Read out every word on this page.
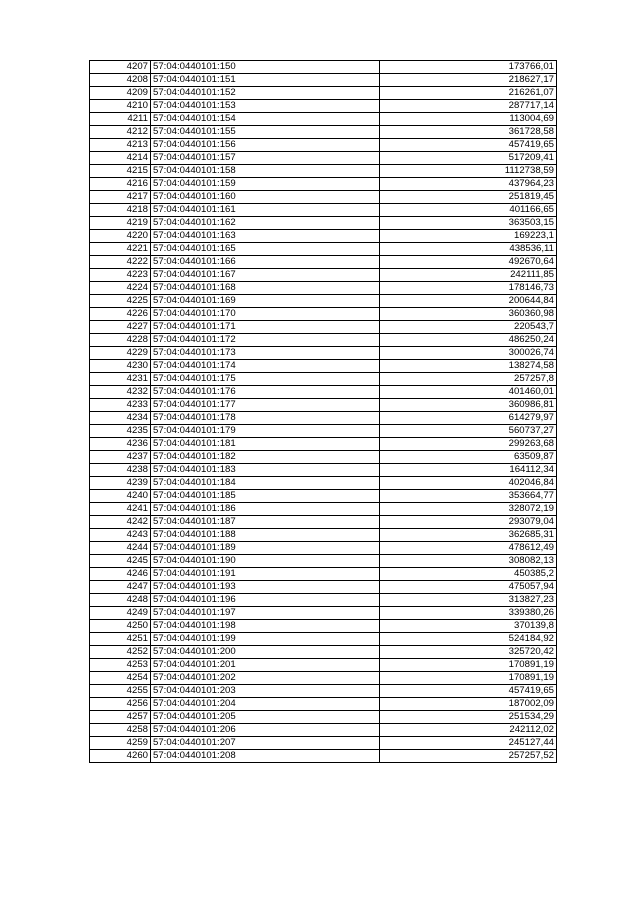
4207	57:04:0440101:150	173766,01
4208	57:04:0440101:151	218627,17
4209	57:04:0440101:152	216261,07
4210	57:04:0440101:153	287717,14
4211	57:04:0440101:154	113004,69
4212	57:04:0440101:155	361728,58
4213	57:04:0440101:156	457419,65
4214	57:04:0440101:157	517209,41
4215	57:04:0440101:158	1112738,59
4216	57:04:0440101:159	437964,23
4217	57:04:0440101:160	251819,45
4218	57:04:0440101:161	401166,65
4219	57:04:0440101:162	363503,15
4220	57:04:0440101:163	169223,1
4221	57:04:0440101:165	438536,11
4222	57:04:0440101:166	492670,64
4223	57:04:0440101:167	242111,85
4224	57:04:0440101:168	178146,73
4225	57:04:0440101:169	200644,84
4226	57:04:0440101:170	360360,98
4227	57:04:0440101:171	220543,7
4228	57:04:0440101:172	486250,24
4229	57:04:0440101:173	300026,74
4230	57:04:0440101:174	138274,58
4231	57:04:0440101:175	257257,8
4232	57:04:0440101:176	401460,01
4233	57:04:0440101:177	360986,81
4234	57:04:0440101:178	614279,97
4235	57:04:0440101:179	560737,27
4236	57:04:0440101:181	299263,68
4237	57:04:0440101:182	63509,87
4238	57:04:0440101:183	164112,34
4239	57:04:0440101:184	402046,84
4240	57:04:0440101:185	353664,77
4241	57:04:0440101:186	328072,19
4242	57:04:0440101:187	293079,04
4243	57:04:0440101:188	362685,31
4244	57:04:0440101:189	478612,49
4245	57:04:0440101:190	308082,13
4246	57:04:0440101:191	450385,2
4247	57:04:0440101:193	475057,94
4248	57:04:0440101:196	313827,23
4249	57:04:0440101:197	339380,26
4250	57:04:0440101:198	370139,8
4251	57:04:0440101:199	524184,92
4252	57:04:0440101:200	325720,42
4253	57:04:0440101:201	170891,19
4254	57:04:0440101:202	170891,19
4255	57:04:0440101:203	457419,65
4256	57:04:0440101:204	187002,09
4257	57:04:0440101:205	251534,29
4258	57:04:0440101:206	242112,02
4259	57:04:0440101:207	245127,44
4260	57:04:0440101:208	257257,52
